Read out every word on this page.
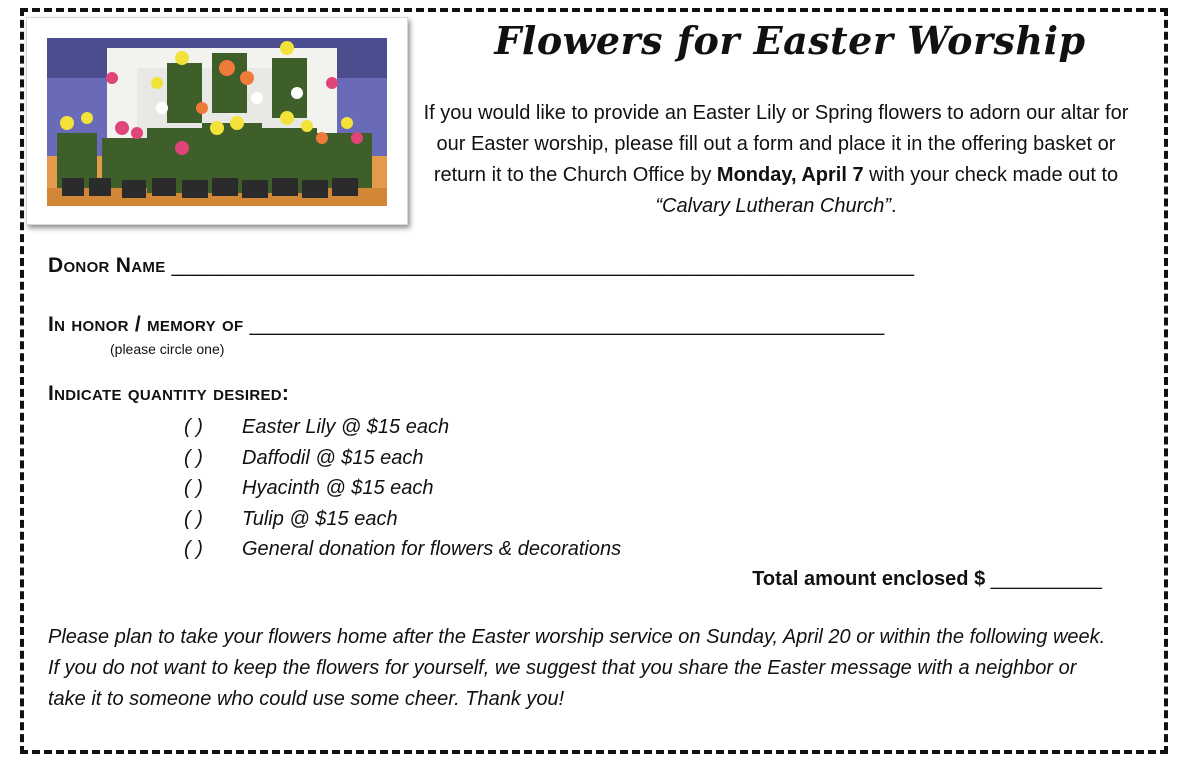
Flowers for Easter Worship
If you would like to provide an Easter Lily or Spring flowers to adorn our altar for our Easter worship, please fill out a form and place it in the offering basket or return it to the Church Office by Monday, April 7 with your check made out to “Calvary Lutheran Church”.
Donor Name ______________________________________________________________
In honor / memory of _____________________________________________________
(please circle one)
Indicate quantity desired:
( ) Easter Lily @ $15 each
( ) Daffodil @ $15 each
( ) Hyacinth @ $15 each
( ) Tulip @ $15 each
( ) General donation for flowers & decorations
Total amount enclosed $ __________
Please plan to take your flowers home after the Easter worship service on Sunday, April 20 or within the following week. If you do not want to keep the flowers for yourself, we suggest that you share the Easter message with a neighbor or take it to someone who could use some cheer. Thank you!
